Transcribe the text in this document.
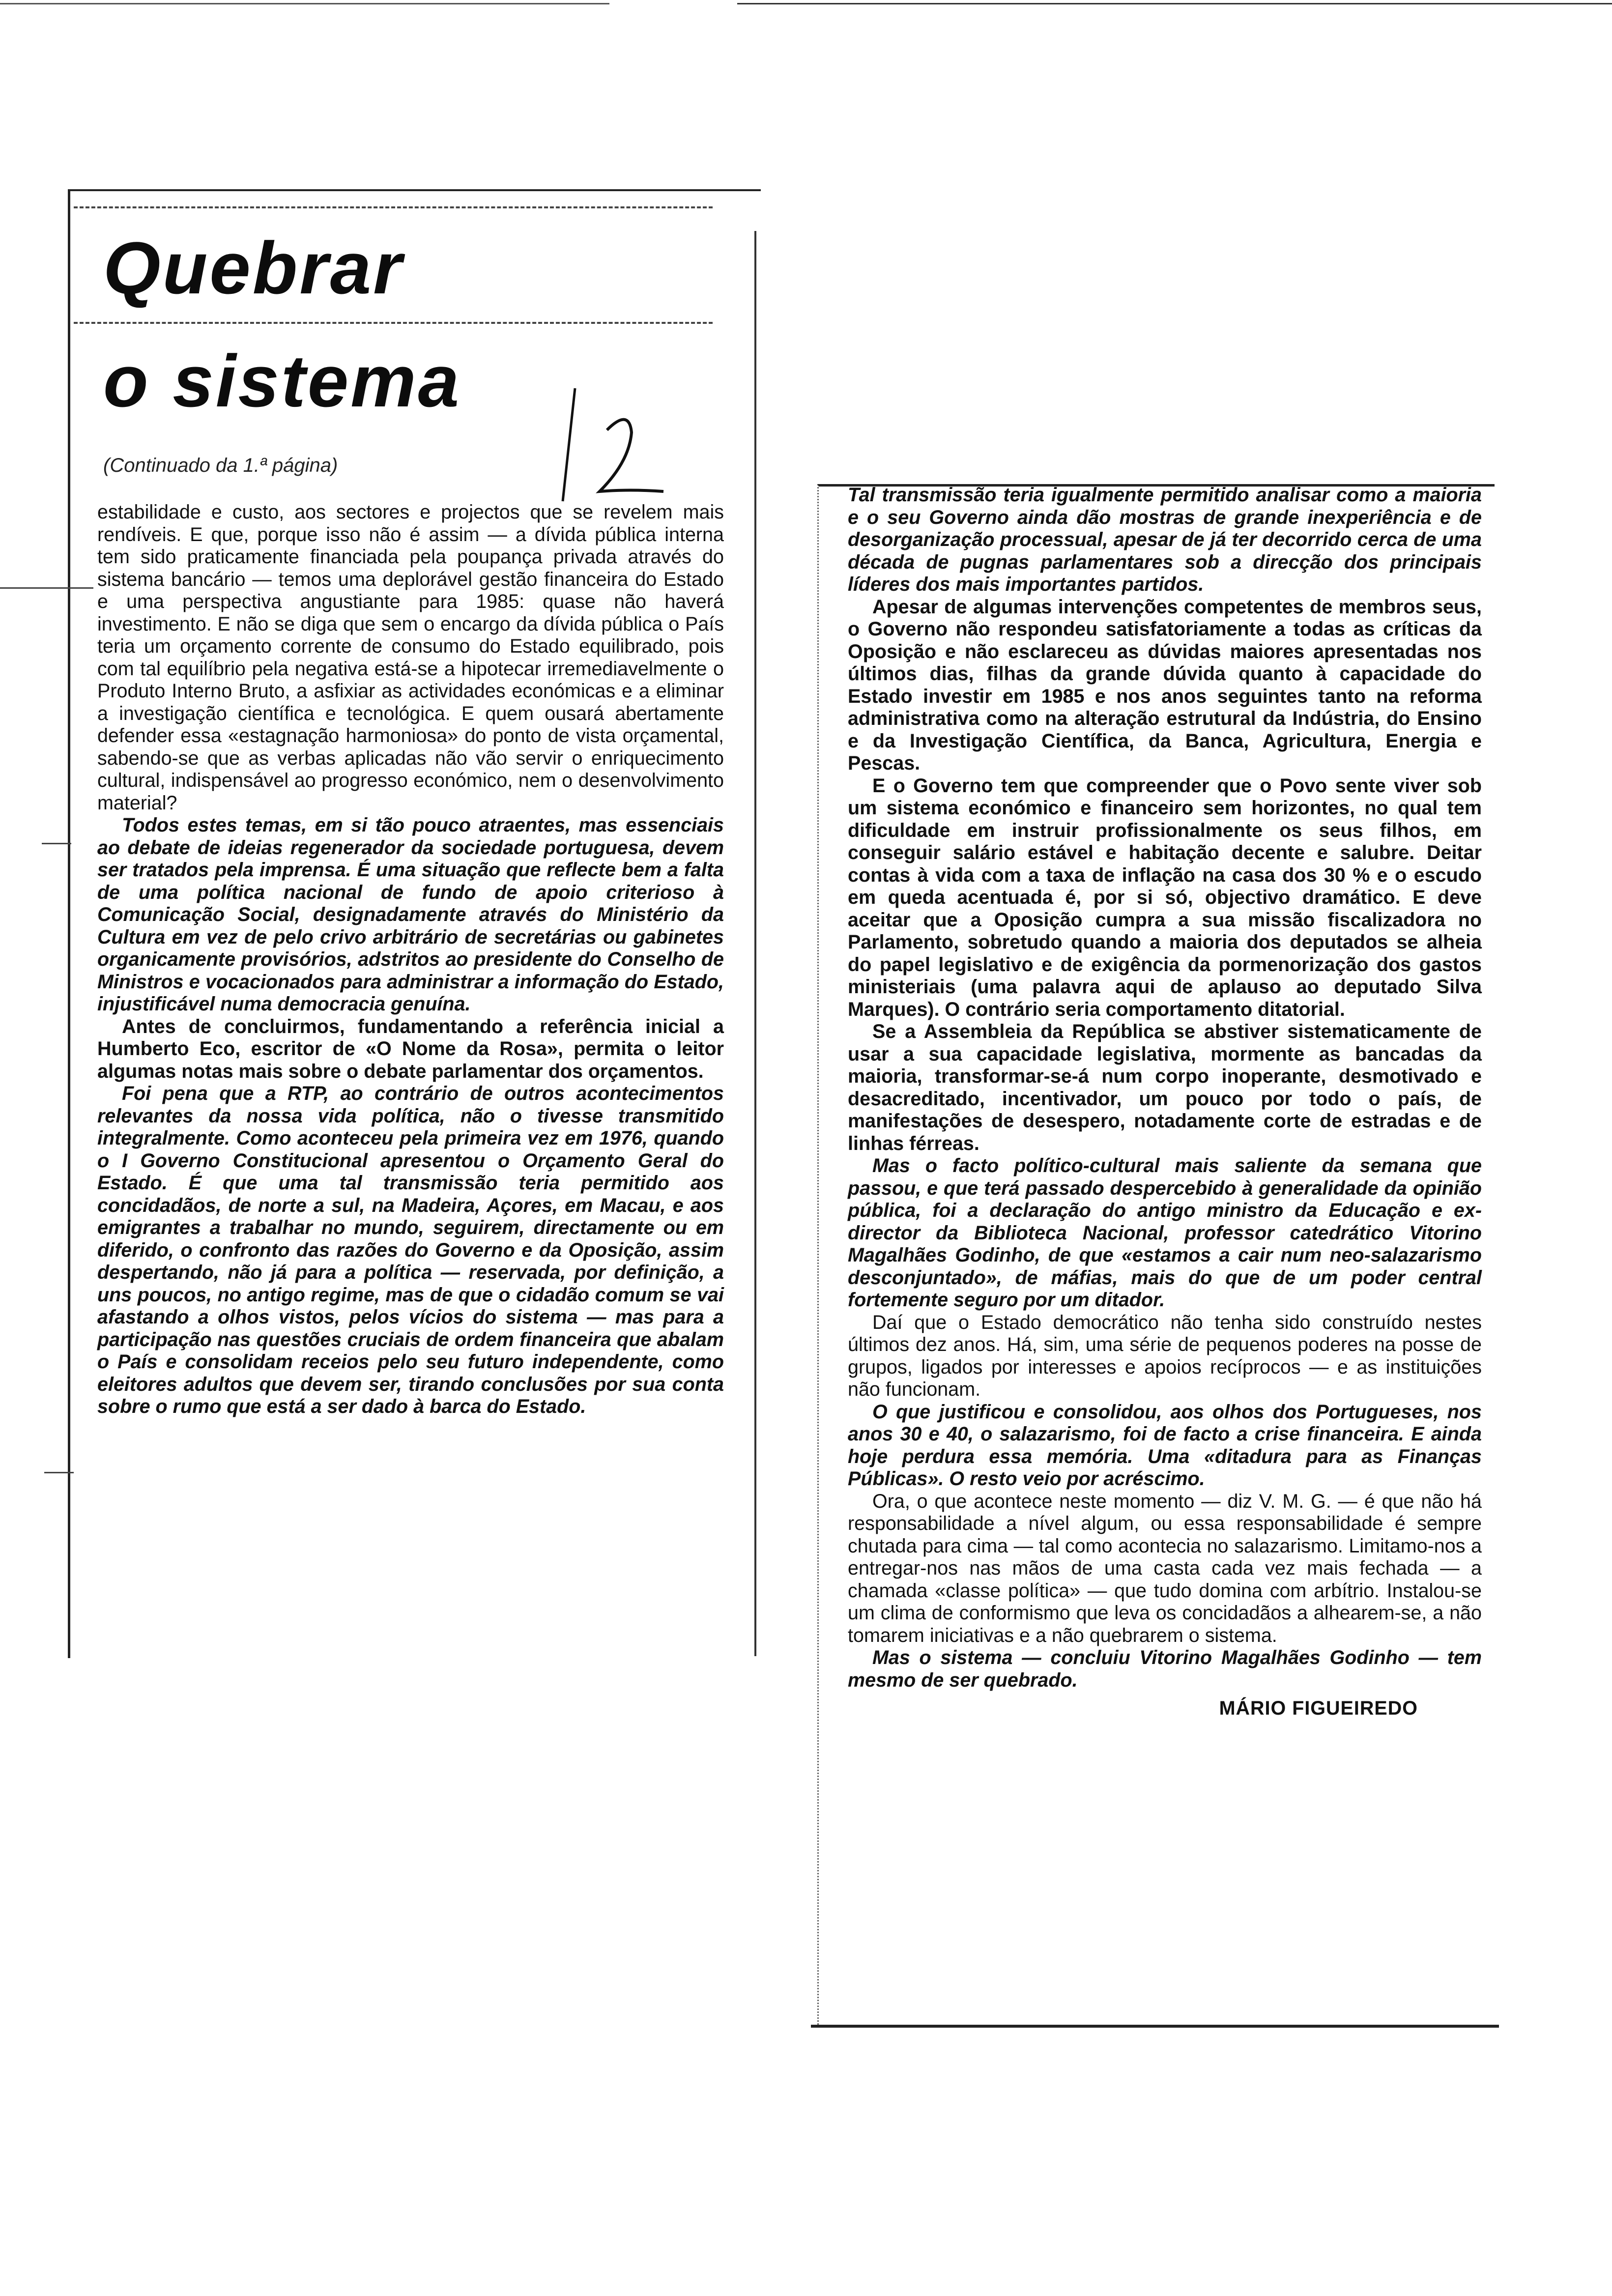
Quebrar
o sistema

(Continuado da 1.ª página)

estabilidade e custo, aos sectores e projectos que se revelem mais rendíveis. E que, porque isso não é assim — a dívida pública interna tem sido praticamente financiada pela poupança privada através do sistema bancário — temos uma deplorável gestão financeira do Estado e uma perspectiva angustiante para 1985: quase não haverá investimento. E não se diga que sem o encargo da dívida pública o País teria um orçamento corrente de consumo do Estado equilibrado, pois com tal equilíbrio pela negativa está-se a hipotecar irremediavelmente o Produto Interno Bruto, a asfixiar as actividades económicas e a eliminar a investigação científica e tecnológica. E quem ousará abertamente defender essa «estagnação harmoniosa» do ponto de vista orçamental, sabendo-se que as verbas aplicadas não vão servir o enriquecimento cultural, indispensável ao progresso económico, nem o desenvolvimento material?

Todos estes temas, em si tão pouco atraentes, mas essenciais ao debate de ideias regenerador da sociedade portuguesa, devem ser tratados pela imprensa. É uma situação que reflecte bem a falta de uma política nacional de fundo de apoio criterioso à Comunicação Social, designadamente através do Ministério da Cultura em vez de pelo crivo arbitrário de secretárias ou gabinetes organicamente provisórios, adstritos ao presidente do Conselho de Ministros e vocacionados para administrar a informação do Estado, injustificável numa democracia genuína.

Antes de concluirmos, fundamentando a referência inicial a Humberto Eco, escritor de «O Nome da Rosa», permita o leitor algumas notas mais sobre o debate parlamentar dos orçamentos.

Foi pena que a RTP, ao contrário de outros acontecimentos relevantes da nossa vida política, não o tivesse transmitido integralmente. Como aconteceu pela primeira vez em 1976, quando o I Governo Constitucional apresentou o Orçamento Geral do Estado. É que uma tal transmissão teria permitido aos concidadãos, de norte a sul, na Madeira, Açores, em Macau, e aos emigrantes a trabalhar no mundo, seguirem, directamente ou em diferido, o confronto das razões do Governo e da Oposição, assim despertando, não já para a política — reservada, por definição, a uns poucos, no antigo regime, mas de que o cidadão comum se vai afastando a olhos vistos, pelos vícios do sistema — mas para a participação nas questões cruciais de ordem financeira que abalam o País e consolidam receios pelo seu futuro independente, como eleitores adultos que devem ser, tirando conclusões por sua conta sobre o rumo que está a ser dado à barca do Estado.

Tal transmissão teria igualmente permitido analisar como a maioria e o seu Governo ainda dão mostras de grande inexperiência e de desorganização processual, apesar de já ter decorrido cerca de uma década de pugnas parlamentares sob a direcção dos principais líderes dos mais importantes partidos.

Apesar de algumas intervenções competentes de membros seus, o Governo não respondeu satisfatoriamente a todas as críticas da Oposição e não esclareceu as dúvidas maiores apresentadas nos últimos dias, filhas da grande dúvida quanto à capacidade do Estado investir em 1985 e nos anos seguintes tanto na reforma administrativa como na alteração estrutural da Indústria, do Ensino e da Investigação Científica, da Banca, Agricultura, Energia e Pescas.

E o Governo tem que compreender que o Povo sente viver sob um sistema económico e financeiro sem horizontes, no qual tem dificuldade em instruir profissionalmente os seus filhos, em conseguir salário estável e habitação decente e salubre. Deitar contas à vida com a taxa de inflação na casa dos 30 % e o escudo em queda acentuada é, por si só, objectivo dramático. E deve aceitar que a Oposição cumpra a sua missão fiscalizadora no Parlamento, sobretudo quando a maioria dos deputados se alheia do papel legislativo e de exigência da pormenorização dos gastos ministeriais (uma palavra aqui de aplauso ao deputado Silva Marques). O contrário seria comportamento ditatorial.

Se a Assembleia da República se abstiver sistematicamente de usar a sua capacidade legislativa, mormente as bancadas da maioria, transformar-se-á num corpo inoperante, desmotivado e desacreditado, incentivador, um pouco por todo o país, de manifestações de desespero, notadamente corte de estradas e de linhas férreas.

Mas o facto político-cultural mais saliente da semana que passou, e que terá passado despercebido à generalidade da opinião pública, foi a declaração do antigo ministro da Educação e ex-director da Biblioteca Nacional, professor catedrático Vitorino Magalhães Godinho, de que «estamos a cair num neo-salazarismo desconjuntado», de máfias, mais do que de um poder central fortemente seguro por um ditador.

Daí que o Estado democrático não tenha sido construído nestes últimos dez anos. Há, sim, uma série de pequenos poderes na posse de grupos, ligados por interesses e apoios recíprocos — e as instituições não funcionam.

O que justificou e consolidou, aos olhos dos Portugueses, nos anos 30 e 40, o salazarismo, foi de facto a crise financeira. E ainda hoje perdura essa memória. Uma «ditadura para as Finanças Públicas». O resto veio por acréscimo.

Ora, o que acontece neste momento — diz V. M. G. — é que não há responsabilidade a nível algum, ou essa responsabilidade é sempre chutada para cima — tal como acontecia no salazarismo. Limitamo-nos a entregar-nos nas mãos de uma casta cada vez mais fechada — a chamada «classe política» — que tudo domina com arbítrio. Instalou-se um clima de conformismo que leva os concidadãos a alhearem-se, a não tomarem iniciativas e a não quebrarem o sistema.

Mas o sistema — concluiu Vitorino Magalhães Godinho — tem mesmo de ser quebrado.

MÁRIO FIGUEIREDO
